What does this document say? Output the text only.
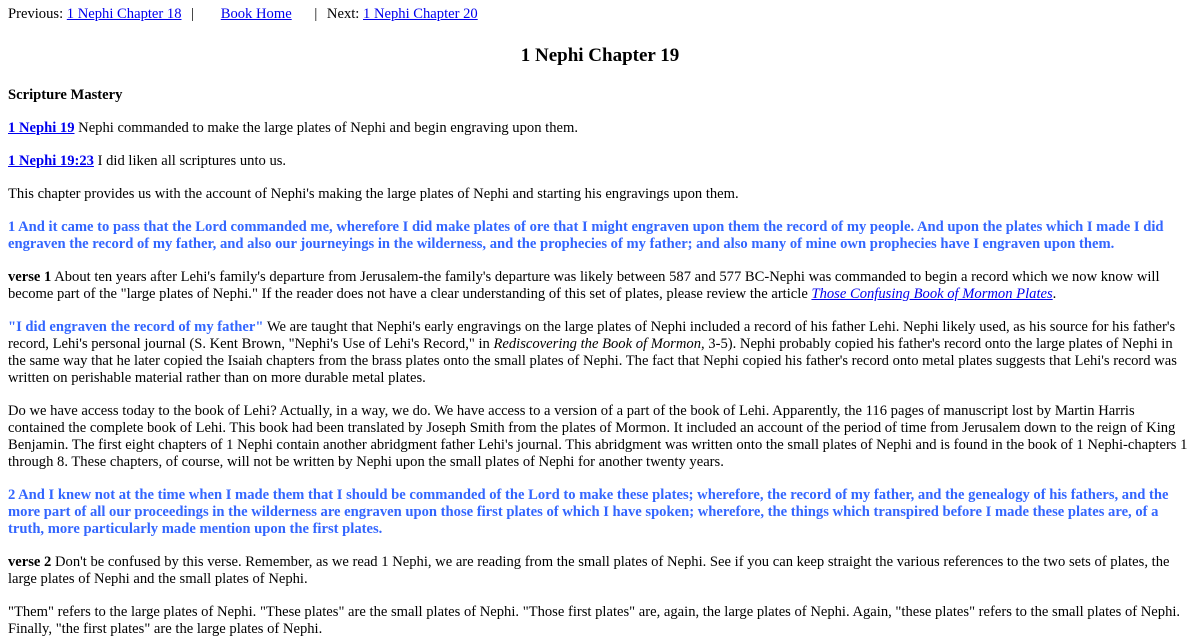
Previous: 1 Nephi Chapter 18 | Book Home | Next: 1 Nephi Chapter 20
1 Nephi Chapter 19

Scripture Mastery

1 Nephi 19 Nephi commanded to make the large plates of Nephi and begin engraving upon them.

1 Nephi 19:23 I did liken all scriptures unto us.

This chapter provides us with the account of Nephi's making the large plates of Nephi and starting his engravings upon them.

1 And it came to pass that the Lord commanded me, wherefore I did make plates of ore that I might engraven upon them the record of my people. And upon the plates which I made I did engraven the record of my father, and also our journeyings in the wilderness, and the prophecies of my father; and also many of mine own prophecies have I engraven upon them.

verse 1 About ten years after Lehi's family's departure from Jerusalem-the family's departure was likely between 587 and 577 BC-Nephi was commanded to begin a record which we now know will become part of the "large plates of Nephi." If the reader does not have a clear understanding of this set of plates, please review the article Those Confusing Book of Mormon Plates.

"I did engraven the record of my father" We are taught that Nephi's early engravings on the large plates of Nephi included a record of his father Lehi. Nephi likely used, as his source for his father's record, Lehi's personal journal (S. Kent Brown, "Nephi's Use of Lehi's Record," in Rediscovering the Book of Mormon, 3-5). Nephi probably copied his father's record onto the large plates of Nephi in the same way that he later copied the Isaiah chapters from the brass plates onto the small plates of Nephi. The fact that Nephi copied his father's record onto metal plates suggests that Lehi's record was written on perishable material rather than on more durable metal plates.

Do we have access today to the book of Lehi? Actually, in a way, we do. We have access to a version of a part of the book of Lehi. Apparently, the 116 pages of manuscript lost by Martin Harris contained the complete book of Lehi. This book had been translated by Joseph Smith from the plates of Mormon. It included an account of the period of time from Jerusalem down to the reign of King Benjamin. The first eight chapters of 1 Nephi contain another abridgment father Lehi's journal. This abridgment was written onto the small plates of Nephi and is found in the book of 1 Nephi-chapters 1 through 8. These chapters, of course, will not be written by Nephi upon the small plates of Nephi for another twenty years.

2 And I knew not at the time when I made them that I should be commanded of the Lord to make these plates; wherefore, the record of my father, and the genealogy of his fathers, and the more part of all our proceedings in the wilderness are engraven upon those first plates of which I have spoken; wherefore, the things which transpired before I made these plates are, of a truth, more particularly made mention upon the first plates.

verse 2 Don't be confused by this verse. Remember, as we read 1 Nephi, we are reading from the small plates of Nephi. See if you can keep straight the various references to the two sets of plates, the large plates of Nephi and the small plates of Nephi.

"Them" refers to the large plates of Nephi. "These plates" are the small plates of Nephi. "Those first plates" are, again, the large plates of Nephi. Again, "these plates" refers to the small plates of Nephi. Finally, "the first plates" are the large plates of Nephi.
